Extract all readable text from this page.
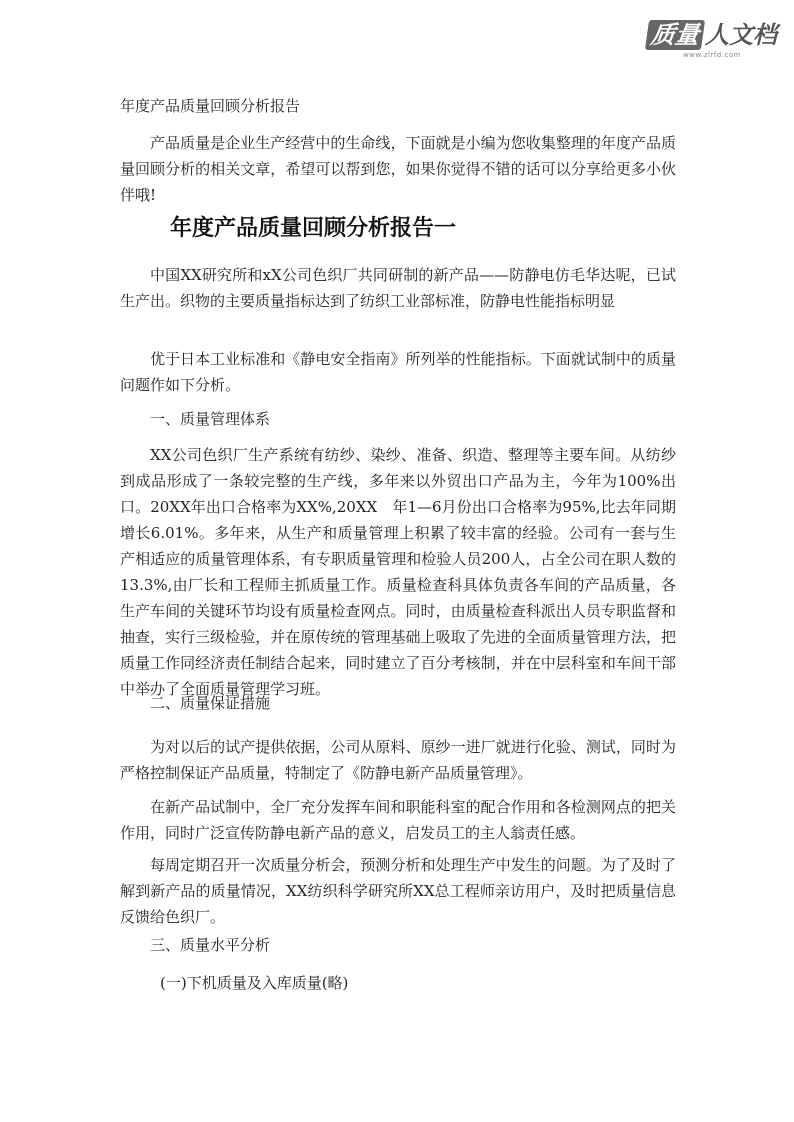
质量 人文档
www.zlrfd.com
年度产品质量回顾分析报告

产品质量是企业生产经营中的生命线，下面就是小编为您收集整理的年度产品质量回顾分析的相关文章，希望可以帮到您，如果你觉得不错的话可以分享给更多小伙伴哦!

年度产品质量回顾分析报告一

中国XX研究所和xX公司色织厂共同研制的新产品——防静电仿毛华达呢，已试生产出。织物的主要质量指标达到了纺织工业部标准，防静电性能指标明显

优于日本工业标准和《静电安全指南》所列举的性能指标。下面就试制中的质量问题作如下分析。

一、质量管理体系

XX公司色织厂生产系统有纺纱、染纱、准备、织造、整理等主要车间。从纺纱到成品形成了一条较完整的生产线，多年来以外贸出口产品为主，今年为100%出口。20XX年出口合格率为XX%,20XX　年1—6月份出口合格率为95%,比去年同期增长6.01%。多年来，从生产和质量管理上积累了较丰富的经验。公司有一套与生产相适应的质量管理体系，有专职质量管理和检验人员200人，占全公司在职人数的13.3%,由厂长和工程师主抓质量工作。质量检查科具体负责各车间的产品质量，各生产车间的关键环节均设有质量检查网点。同时，由质量检查科派出人员专职监督和抽查，实行三级检验，并在原传统的管理基础上吸取了先进的全面质量管理方法，把质量工作同经济责任制结合起来，同时建立了百分考核制，并在中层科室和车间干部中举办了全面质量管理学习班。

二、质量保证措施

为对以后的试产提供依据，公司从原料、原纱一进厂就进行化验、测试，同时为严格控制保证产品质量，特制定了《防静电新产品质量管理》。

在新产品试制中，全厂充分发挥车间和职能科室的配合作用和各检测网点的把关作用，同时广泛宣传防静电新产品的意义，启发员工的主人翁责任感。

每周定期召开一次质量分析会，预测分析和处理生产中发生的问题。为了及时了解到新产品的质量情况，XX纺织科学研究所XX总工程师亲访用户，及时把质量信息反馈给色织厂。

三、质量水平分析
(一)下机质量及入库质量(略)
